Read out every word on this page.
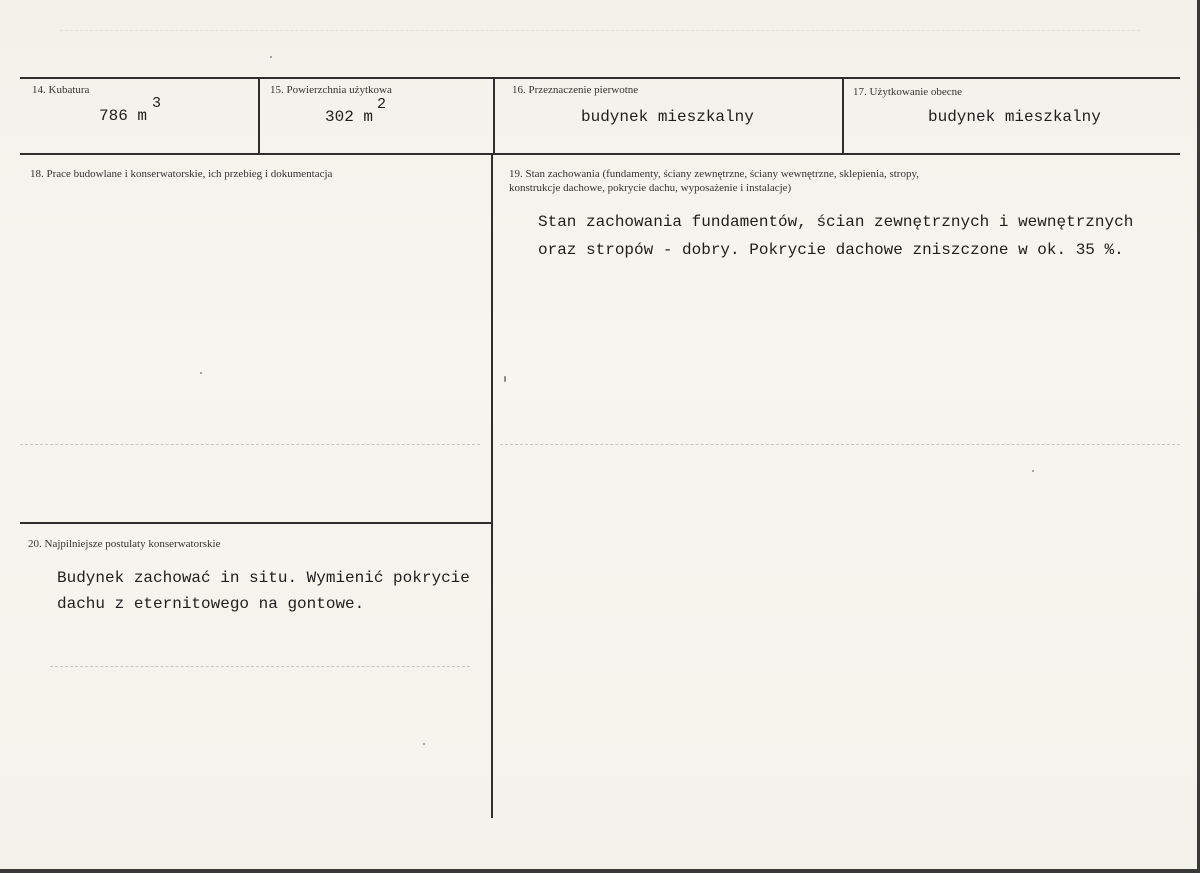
14. Kubatura
786 m
3
15. Powierzchnia użytkowa
302 m
2
16. Przeznaczenie pierwotne
budynek mieszkalny
17. Użytkowanie obecne
budynek mieszkalny
18. Prace budowlane i konserwatorskie, ich przebieg i dokumentacja	19. Stan zachowania (fundamenty, ściany zewnętrzne, ściany wewnętrzne, sklepienia, stropy,
konstrukcje dachowe, pokrycie dachu, wyposażenie i instalacje)
Stan zachowania fundamentów, ścian zewnętrznych i wewnętrznych
oraz stropów - dobry. Pokrycie dachowe zniszczone w ok. 35 %.
20. Najpilniejsze postulaty konserwatorskie
Budynek zachować in situ. Wymienić pokrycie
dachu z eternitowego na gontowe.
